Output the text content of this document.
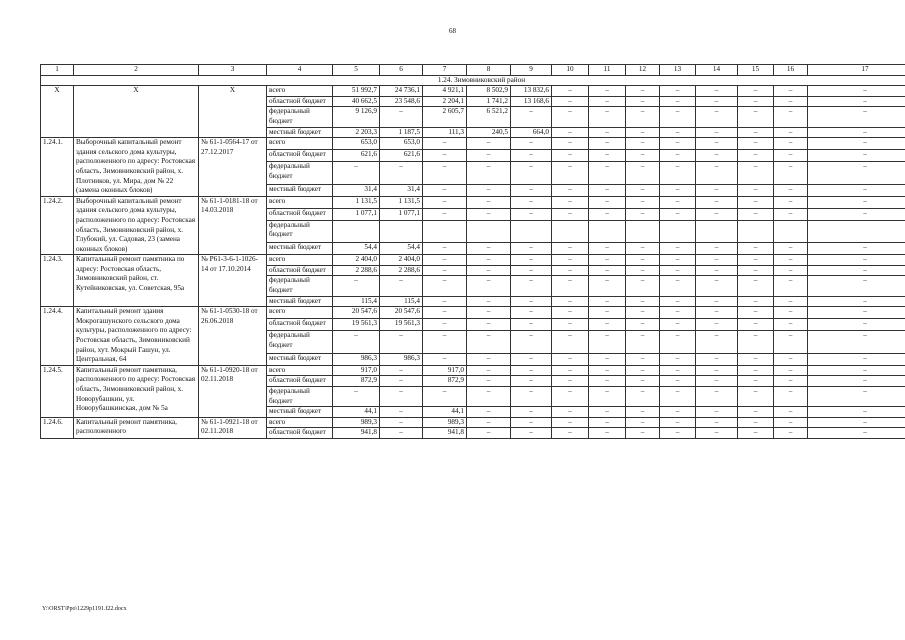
68
1	2	3	4	5	6	7	8	9	10	11	12	13	14	15	16	17
1.24. Зимовниковский район																
Х	Х	Х	всего	51 992,7	24 736,1	4 921,1	8 502,9	13 832,6	–	–	–	–	–	–	–	–
			областной бюджет	40 662,5	23 548,6	2 204,1	1 741,2	13 168,6	–	–	–	–	–	–	–	–
			федеральный бюджет	9 126,9	–	2 605,7	6 521,2	–	–	–	–	–	–	–	–	–
			местный бюджет	2 203,3	1 187,5	111,3	240,5	664,0	–	–	–	–	–	–	–	–
1.24.1.	Выборочный капитальный ремонт здания сельского дома культуры, расположенного по адресу: Ростовская область, Зимовниковский район, х. Плотников, ул. Мира, дом № 22 (замена оконных блоков)	№ 61-1-0564-17 от 27.12.2017	всего	653,0	653,0	–	–	–	–	–	–	–	–	–	–	–
			областной бюджет	621,6	621,6	–	–	–	–	–	–	–	–	–	–	–
			федеральный бюджет	–	–	–	–	–	–	–	–	–	–	–	–	–
			местный бюджет	31,4	31,4	–	–	–	–	–	–	–	–	–	–	–
1.24.2.	Выборочный капитальный ремонт здания сельского дома культуры, расположенного по адресу: Ростовская область, Зимовниковский район, х. Глубокий, ул. Садовая, 23 (замена оконных блоков)	№ 61-1-0181-18 от 14.03.2018	всего	1 131,5	1 131,5	–	–	–	–	–	–	–	–	–	–	–
			областной бюджет	1 077,1	1 077,1	–	–	–	–	–	–	–	–	–	–	–
			федеральный бюджет													
			местный бюджет	54,4	54,4	–	–	–	–	–	–	–	–	–	–	–
1.24.3.	Капитальный ремонт памятника по адресу: Ростовская область, Зимовниковский район, ст. Кутейниковская, ул. Советская, 95а	№ Р61-3-6-1-1026-14 от 17.10.2014	всего	2 404,0	2 404,0	–	–	–	–	–	–	–	–	–	–	–
			областной бюджет	2 288,6	2 288,6	–	–	–	–	–	–	–	–	–	–	–
			федеральный бюджет	–	–	–	–	–	–	–	–	–	–	–	–	–
			местный бюджет	115,4	115,4	–	–	–	–	–	–	–	–	–	–	–
1.24.4.	Капитальный ремонт здания Мокрогашунского сельского дома культуры, расположенного по адресу: Ростовская область, Зимовниковский район, хут. Мокрый Гашун, ул. Центральная, 64	№ 61-1-0530-18 от 26.06.2018	всего	20 547,6	20 547,6	–	–	–	–	–	–	–	–	–	–	–
			областной бюджет	19 561,3	19 561,3	–	–	–	–	–	–	–	–	–	–	–
			федеральный бюджет	–	–	–	–	–	–	–	–	–	–	–	–	–
			местный бюджет	986,3	986,3	–	–	–	–	–	–	–	–	–	–	–
1.24.5.	Капитальный ремонт памятника, расположенного по адресу: Ростовская область, Зимовниковский район, х. Новорубашкин, ул. Новорубашкинская, дом № 5а	№ 61-1-0920-18 от 02.11.2018	всего	917,0	–	917,0	–	–	–	–	–	–	–	–	–	–
			областной бюджет	872,9	–	872,9	–	–	–	–	–	–	–	–	–	–
			федеральный бюджет	–	–	–	–	–	–	–	–	–	–	–	–	–
			местный бюджет	44,1	–	44,1	–	–	–	–	–	–	–	–	–	–
1.24.6.	Капитальный ремонт памятника, расположенного	№ 61-1-0921-18 от 02.11.2018	всего	989,3	–	989,3	–	–	–	–	–	–	–	–	–	–
			областной бюджет	941,8	–	941,8	–	–	–	–	–	–	–	–	–	–
Y:\ORST\Ppo\1229p1191.f22.docx
